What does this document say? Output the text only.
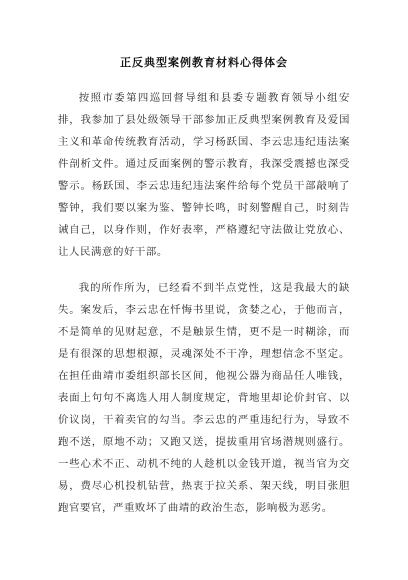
正反典型案例教育材料心得体会

按照市委第四巡回督导组和县委专题教育领导小组安排，我参加了县处级领导干部参加正反典型案例教育及爱国主义和革命传统教育活动，学习杨跃国、李云忠违纪违法案件剖析文件。通过反面案例的警示教育，我深受震撼也深受警示。杨跃国、李云忠违纪违法案件给每个党员干部敲响了警钟，我们要以案为鉴、警钟长鸣，时刻警醒自己，时刻告诫自己，以身作则，作好表率，严格遵纪守法做让党放心、让人民满意的好干部。

我的所作所为，已经看不到半点党性，这是我最大的缺失。案发后，李云忠在忏悔书里说，贪婪之心，于他而言，不是简单的见财起意，不是触景生情，更不是一时糊涂，而是有很深的思想根源，灵魂深处不干净，理想信念不坚定。在担任曲靖市委组织部长区间，他视公器为商品任人唯钱，表面上句句不离选人用人制度规定，背地里却论价封官、以价议岗，干着卖官的勾当。李云忠的严重违纪行为，导致不跑不送，原地不动；又跑又送，提拔重用官场潜规则盛行。一些心术不正、动机不纯的人趁机以金钱开道，视当官为交易，费尽心机投机钻营，热衷于拉关系、架天线，明目张胆跑官要官，严重败坏了曲靖的政治生态，影响极为恶劣。
